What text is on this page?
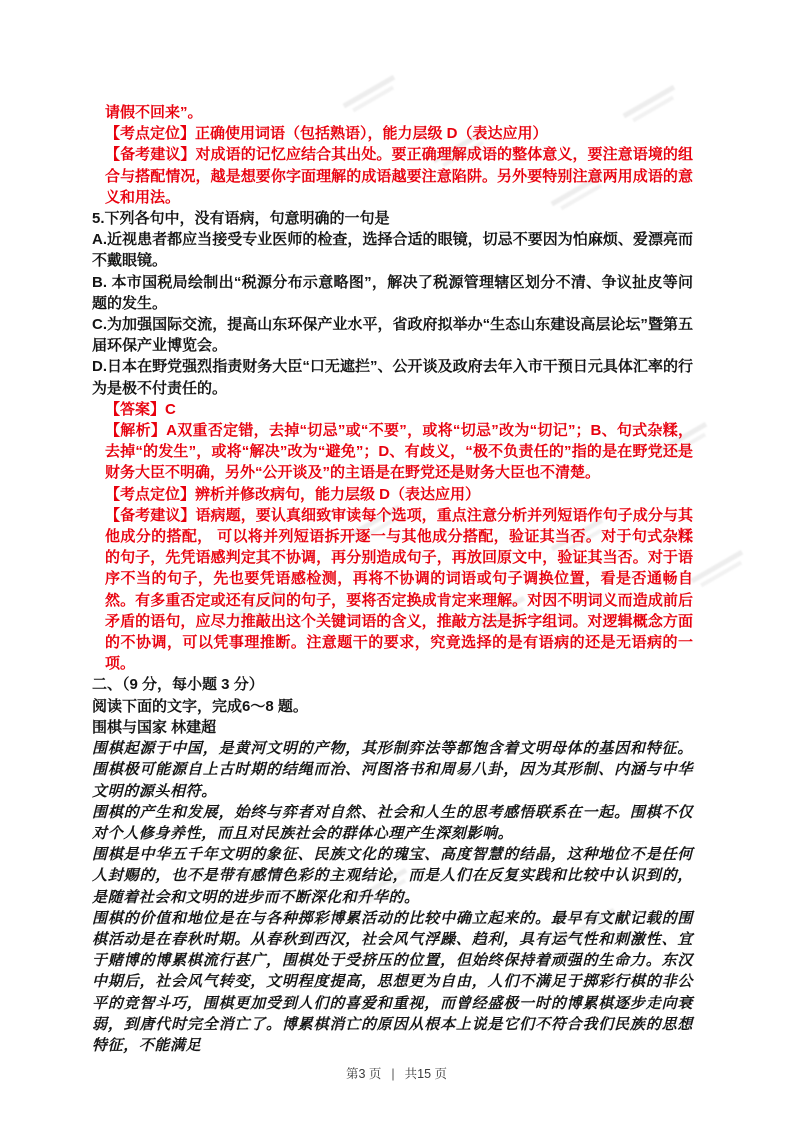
请假不回来”。

【考点定位】正确使用词语（包括熟语），能力层级 D（表达应用）

【备考建议】对成语的记忆应结合其出处。要正确理解成语的整体意义，要注意语境的组合与搭配情况，越是想要你字面理解的成语越要注意陷阱。另外要特别注意两用成语的意义和用法。

5.下列各句中，没有语病，句意明确的一句是

A.近视患者都应当接受专业医师的检查，选择合适的眼镜，切忌不要因为怕麻烦、爱漂亮而不戴眼镜。

B. 本市国税局绘制出“税源分布示意略图”，解决了税源管理辖区划分不清、争议扯皮等问题的发生。

C.为加强国际交流，提高山东环保产业水平，省政府拟举办“生态山东建设高层论坛”暨第五届环保产业博览会。

D.日本在野党强烈指责财务大臣“口无遮拦”、公开谈及政府去年入市干预日元具体汇率的行为是极不付责任的。

【答案】C

【解析】A双重否定错，去掉“切忌”或“不要”，或将“切忌”改为“切记”；B、句式杂糅，去掉“的发生”，或将“解决”改为“避免”；D、有歧义，“极不负责任的”指的是在野党还是财务大臣不明确，另外“公开谈及”的主语是在野党还是财务大臣也不清楚。

【考点定位】辨析并修改病句，能力层级 D（表达应用）

【备考建议】语病题，要认真细致审读每个选项，重点注意分析并列短语作句子成分与其他成分的搭配， 可以将并列短语拆开逐一与其他成分搭配，验证其当否。对于句式杂糅的句子，先凭语感判定其不协调，再分别造成句子，再放回原文中，验证其当否。对于语序不当的句子，先也要凭语感检测，再将不协调的词语或句子调换位置，看是否通畅自然。有多重否定或还有反问的句子，要将否定换成肯定来理解。对因不明词义而造成前后矛盾的语句，应尽力推敲出这个关键词语的含义，推敲方法是拆字组词。对逻辑概念方面的不协调，可以凭事理推断。注意题干的要求，究竟选择的是有语病的还是无语病的一项。

二、（9 分，每小题 3 分）

阅读下面的文字，完成6～8 题。

围棋与国家 林建超

围棋起源于中国，是黄河文明的产物，其形制弈法等都饱含着文明母体的基因和特征。围棋极可能源自上古时期的结绳而治、河图洛书和周易八卦，因为其形制、内涵与中华文明的源头相符。

围棋的产生和发展，始终与弈者对自然、社会和人生的思考感悟联系在一起。围棋不仅对个人修身养性，而且对民族社会的群体心理产生深刻影响。

围棋是中华五千年文明的象征、民族文化的瑰宝、高度智慧的结晶，这种地位不是任何人封赐的，也不是带有感情色彩的主观结论，而是人们在反复实践和比较中认识到的，是随着社会和文明的进步而不断深化和升华的。

围棋的价值和地位是在与各种掷彩博累活动的比较中确立起来的。最早有文献记载的围棋活动是在春秋时期。从春秋到西汉，社会风气浮躁、趋利，具有运气性和刺激性、宜于赌博的博累棋流行甚广，围棋处于受挤压的位置，但始终保持着顽强的生命力。东汉中期后，社会风气转变，文明程度提高，思想更为自由，人们不满足于掷彩行棋的非公平的竞智斗巧，围棋更加受到人们的喜爱和重视，而曾经盛极一时的博累棋逐步走向衰弱，到唐代时完全消亡了。博累棋消亡的原因从根本上说是它们不符合我们民族的思想特征，不能满足

第3 页 | 共15 页
